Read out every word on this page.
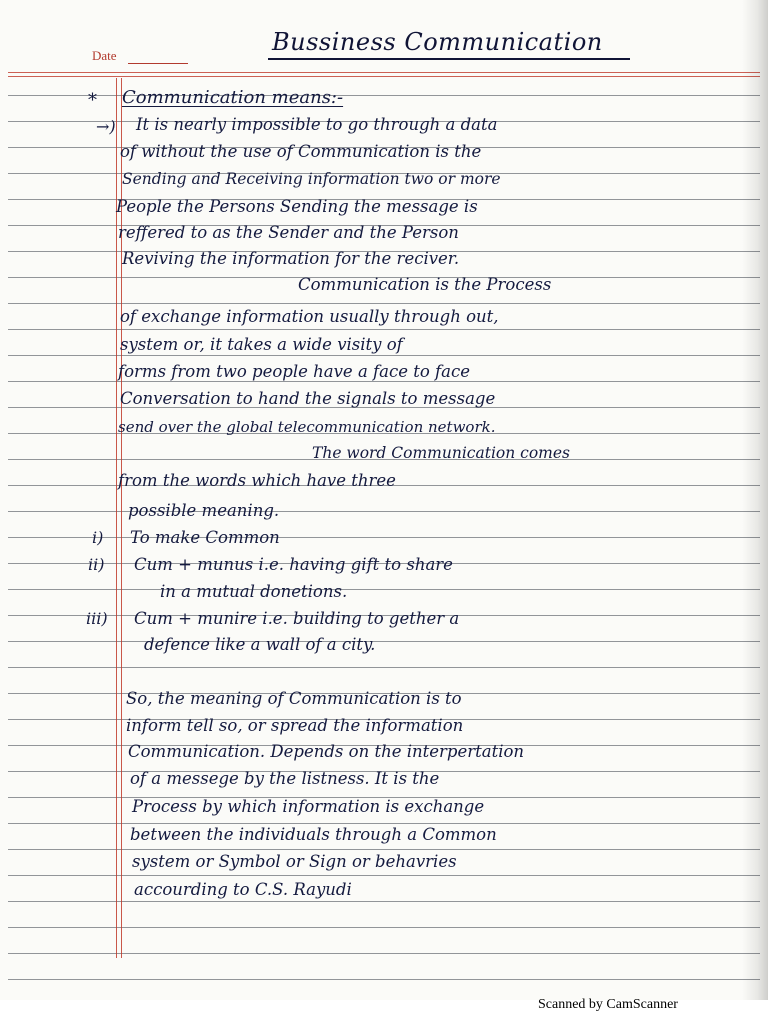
Date	Bussiness Communication
*
→)
i)
ii)
iii)
Communication means:-
It is nearly impossible to go through a data
of without the use of Communication is the
Sending and Receiving information two or more
People the Persons Sending the message is
reffered to as the Sender and the Person
Reviving the information for the reciver.
Communication is the Process
of exchange information usually through out,
system or, it takes a wide visity of
forms from two people have a face to face
Conversation to hand the signals to message
send over the global telecommunication network.
The word Communication comes
from the words which have three
possible meaning.
To make Common
Cum + munus i.e. having gift to share
in a mutual donetions.
Cum + munire i.e. building to gether a
defence like a wall of a city.
So, the meaning of Communication is to
inform tell so, or spread the information
Communication. Depends on the interpertation
of a messege by the listness. It is the
Process by which information is exchange
between the individuals through a Common
system or Symbol or Sign or behavries
accourding to C.S. Rayudi
Scanned by CamScanner
